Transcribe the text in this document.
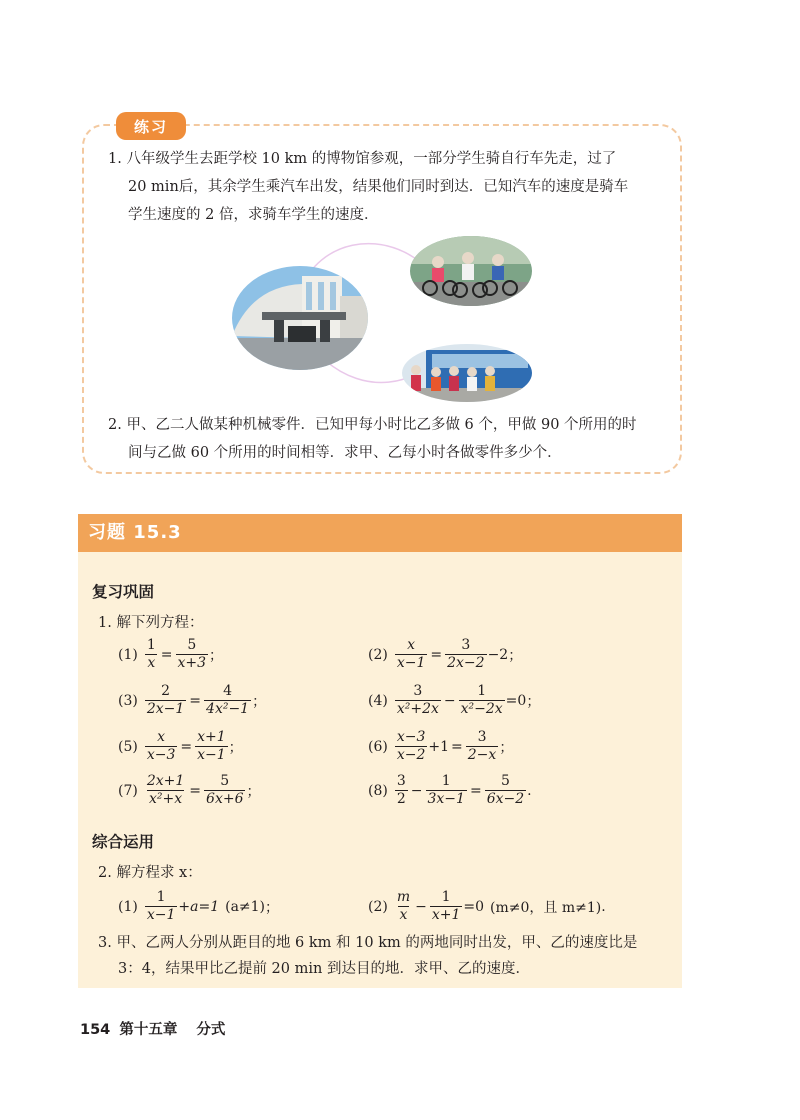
练习
1. 八年级学生去距学校 10 km 的博物馆参观，一部分学生骑自行车先走，过了
20 min后，其余学生乘汽车出发，结果他们同时到达．已知汽车的速度是骑车
学生速度的 2 倍，求骑车学生的速度．
2. 甲、乙二人做某种机械零件．已知甲每小时比乙多做 6 个，甲做 90 个所用的时
间与乙做 60 个所用的时间相等．求甲、乙每小时各做零件多少个．
习题 15.3
复习巩固
1. 解下列方程：
$(1) \frac{1}{x} = \frac{5}{x+3}$ ；	$(2) \frac{x}{x-1} = \frac{3}{2x-2} -2$ ；
$(3) \frac{2}{2x-1} = \frac{4}{\text{4x²−1}}$ ；	$(4) \frac{3}{\text{x²+2x}} - \frac{1}{\text{x²−2x}} =0$ ；
$(5) \frac{x}{x-3} = \frac{x+1}{x-1}$ ；	$(6) \frac{x-3}{x-2} +1 = \frac{3}{2-x}$ ；
$(7) \frac{2x+1}{\text{x²+x}} = \frac{5}{6x+6}$ ；	$(8) \frac{3}{2} - \frac{1}{3x-1} = \frac{5}{6x-2}$ .
综合运用
2. 解方程求 x：
$(1) \frac{1}{x-1} +a=1$ (a≠1) ；	$(2) \frac{m}{x} - \frac{1}{x+1} =0$ (m≠0，且 m≠1) .
3. 甲、乙两人分别从距目的地 6 km 和 10 km 的两地同时出发，甲、乙的速度比是
3：4，结果甲比乙提前 20 min 到达目的地．求甲、乙的速度．
154 第十五章 分式
